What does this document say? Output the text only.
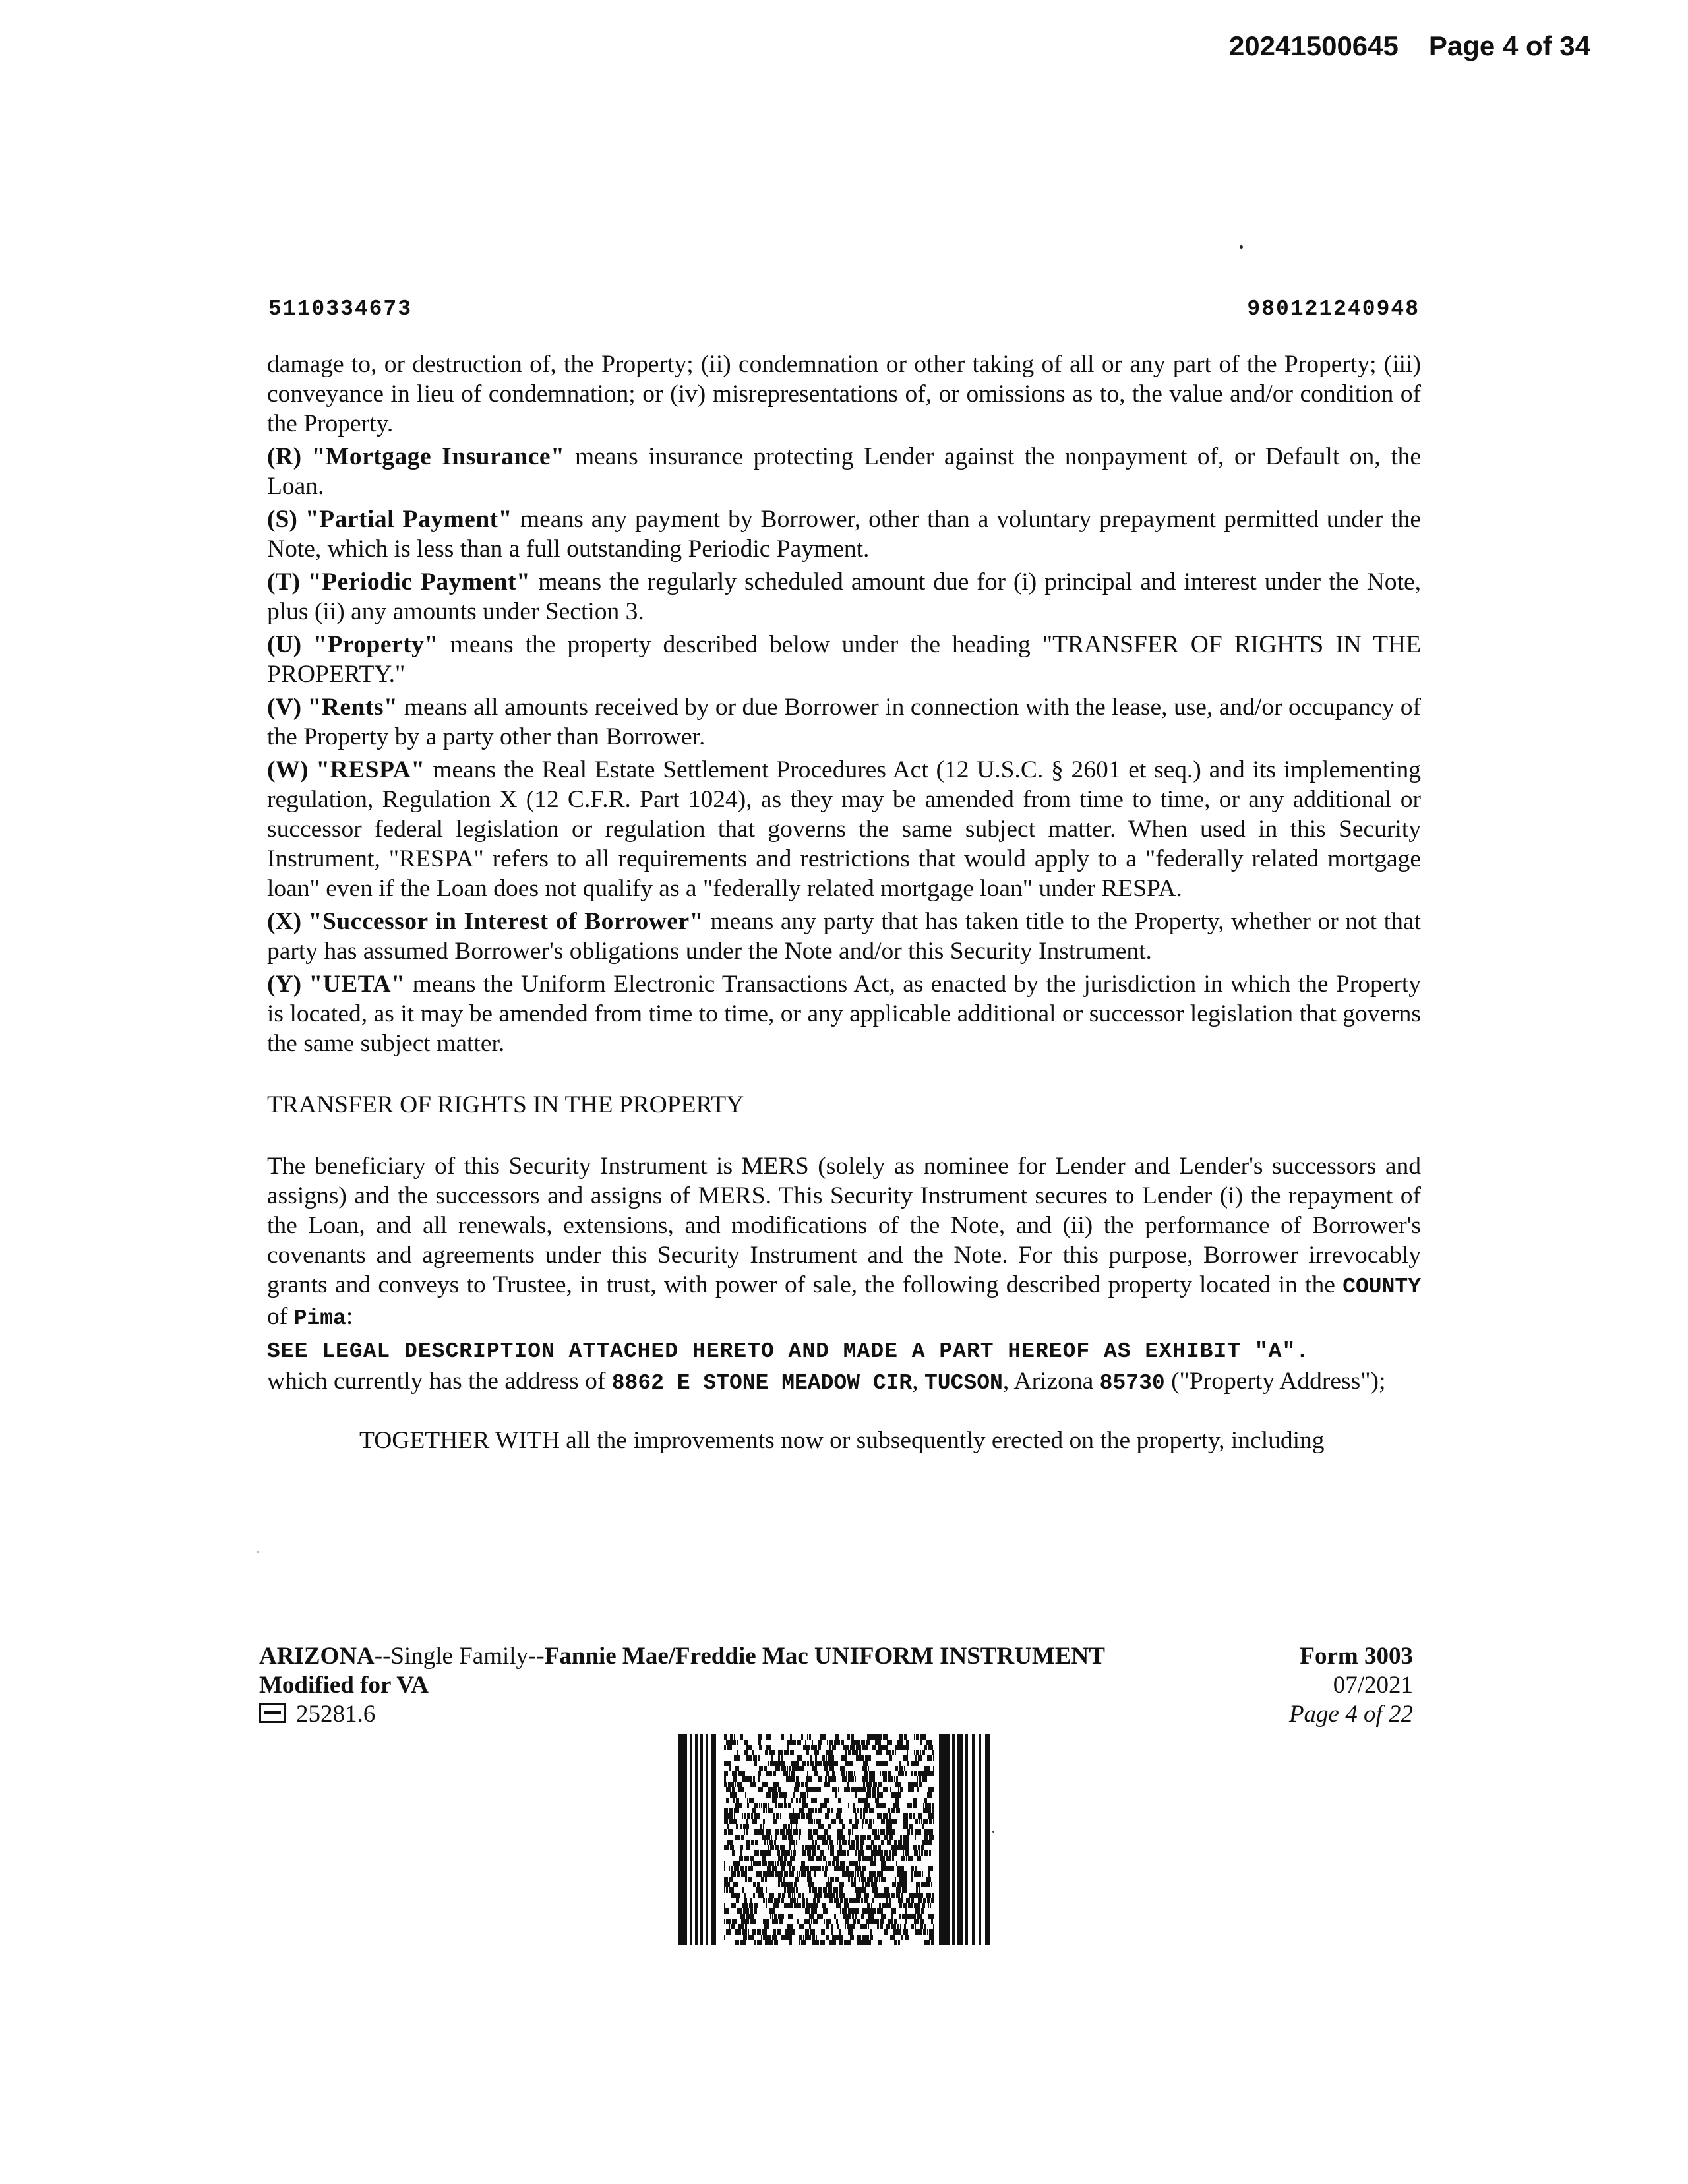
20241500645 Page 4 of 34
5110334673	980121240948

damage to, or destruction of, the Property; (ii) condemnation or other taking of all or any part of the Property; (iii) conveyance in lieu of condemnation; or (iv) misrepresentations of, or omissions as to, the value and/or condition of the Property.

(R) "Mortgage Insurance" means insurance protecting Lender against the nonpayment of, or Default on, the Loan.

(S) "Partial Payment" means any payment by Borrower, other than a voluntary prepayment permitted under the Note, which is less than a full outstanding Periodic Payment.

(T) "Periodic Payment" means the regularly scheduled amount due for (i) principal and interest under the Note, plus (ii) any amounts under Section 3.

(U) "Property" means the property described below under the heading "TRANSFER OF RIGHTS IN THE PROPERTY."

(V) "Rents" means all amounts received by or due Borrower in connection with the lease, use, and/or occupancy of the Property by a party other than Borrower.

(W) "RESPA" means the Real Estate Settlement Procedures Act (12 U.S.C. § 2601 et seq.) and its implementing regulation, Regulation X (12 C.F.R. Part 1024), as they may be amended from time to time, or any additional or successor federal legislation or regulation that governs the same subject matter. When used in this Security Instrument, "RESPA" refers to all requirements and restrictions that would apply to a "federally related mortgage loan" even if the Loan does not qualify as a "federally related mortgage loan" under RESPA.

(X) "Successor in Interest of Borrower" means any party that has taken title to the Property, whether or not that party has assumed Borrower's obligations under the Note and/or this Security Instrument.

(Y) "UETA" means the Uniform Electronic Transactions Act, as enacted by the jurisdiction in which the Property is located, as it may be amended from time to time, or any applicable additional or successor legislation that governs the same subject matter.

TRANSFER OF RIGHTS IN THE PROPERTY

The beneficiary of this Security Instrument is MERS (solely as nominee for Lender and Lender's successors and assigns) and the successors and assigns of MERS. This Security Instrument secures to Lender (i) the repayment of the Loan, and all renewals, extensions, and modifications of the Note, and (ii) the performance of Borrower's covenants and agreements under this Security Instrument and the Note. For this purpose, Borrower irrevocably grants and conveys to Trustee, in trust, with power of sale, the following described property located in the COUNTY of Pima:

SEE LEGAL DESCRIPTION ATTACHED HERETO AND MADE A PART HEREOF AS EXHIBIT "A".

which currently has the address of 8862 E STONE MEADOW CIR, TUCSON, Arizona 85730 ("Property Address");

TOGETHER WITH all the improvements now or subsequently erected on the property, including

ARIZONA--Single Family--Fannie Mae/Freddie Mac UNIFORM INSTRUMENT
Modified for VA
25281.6
Form 3003
07/2021
Page 4 of 22
